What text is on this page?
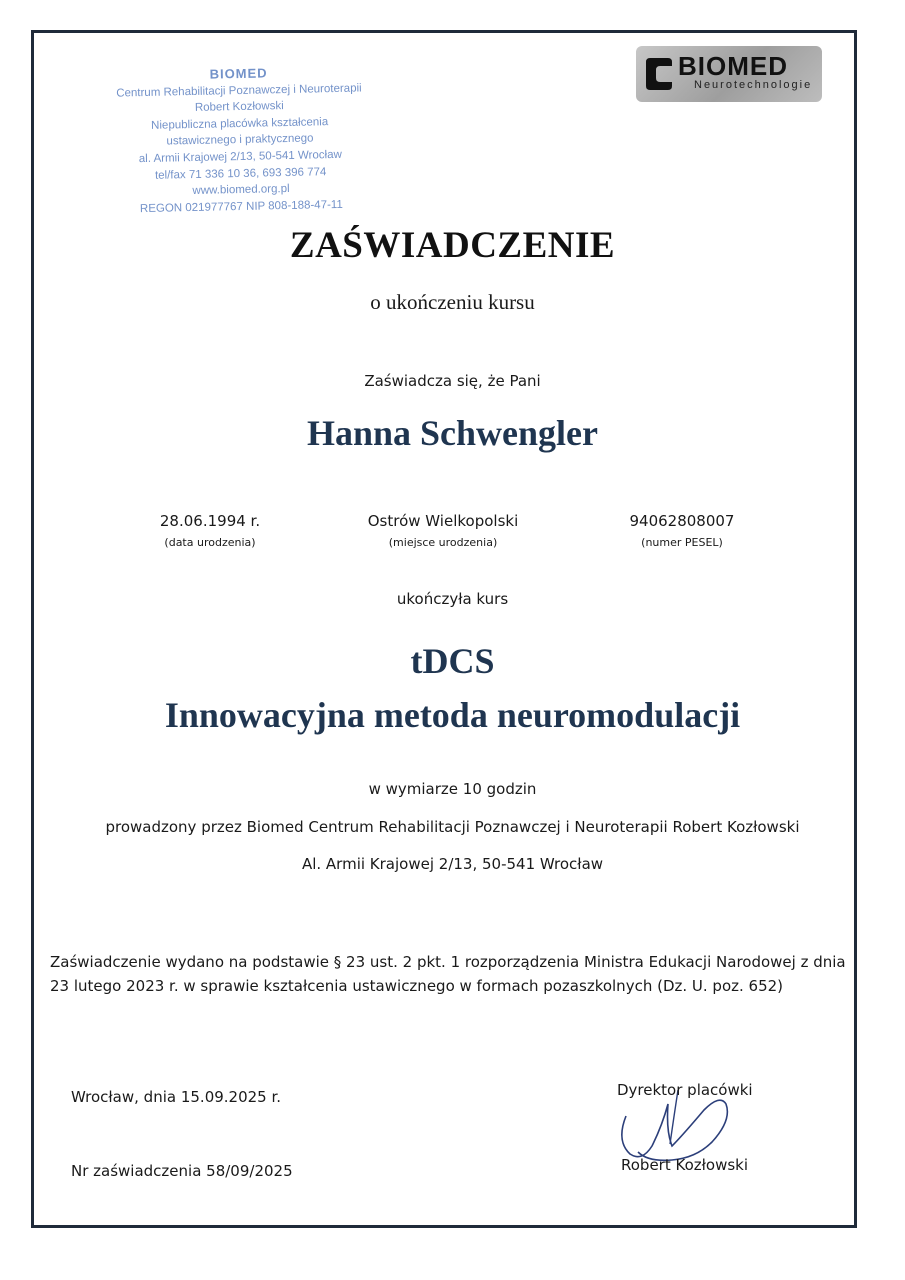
BIOMED
Centrum Rehabilitacji Poznawczej i Neuroterapii
Robert Kozłowski
Niepubliczna placówka kształcenia
ustawicznego i praktycznego
al. Armii Krajowej 2/13, 50-541 Wrocław
tel/fax 71 336 10 36, 693 396 774
www.biomed.org.pl
REGON 021977767 NIP 808-188-47-11
BIOMED
Neurotechnologie
ZAŚWIADCZENIE
o ukończeniu kursu
Zaświadcza się, że Pani
Hanna Schwengler
28.06.1994 r.
(data urodzenia)
Ostrów Wielkopolski
(miejsce urodzenia)
94062808007
(numer PESEL)
ukończyła kurs
tDCS
Innowacyjna metoda neuromodulacji
w wymiarze 10 godzin
prowadzony przez Biomed Centrum Rehabilitacji Poznawczej i Neuroterapii Robert Kozłowski
Al. Armii Krajowej 2/13, 50-541 Wrocław
Zaświadczenie wydano na podstawie § 23 ust. 2 pkt. 1 rozporządzenia Ministra Edukacji Narodowej z dnia 23 lutego 2023 r. w sprawie kształcenia ustawicznego w formach pozaszkolnych (Dz. U. poz. 652)
Wrocław, dnia 15.09.2025 r.
Nr zaświadczenia 58/09/2025
Dyrektor placówki
Robert Kozłowski
